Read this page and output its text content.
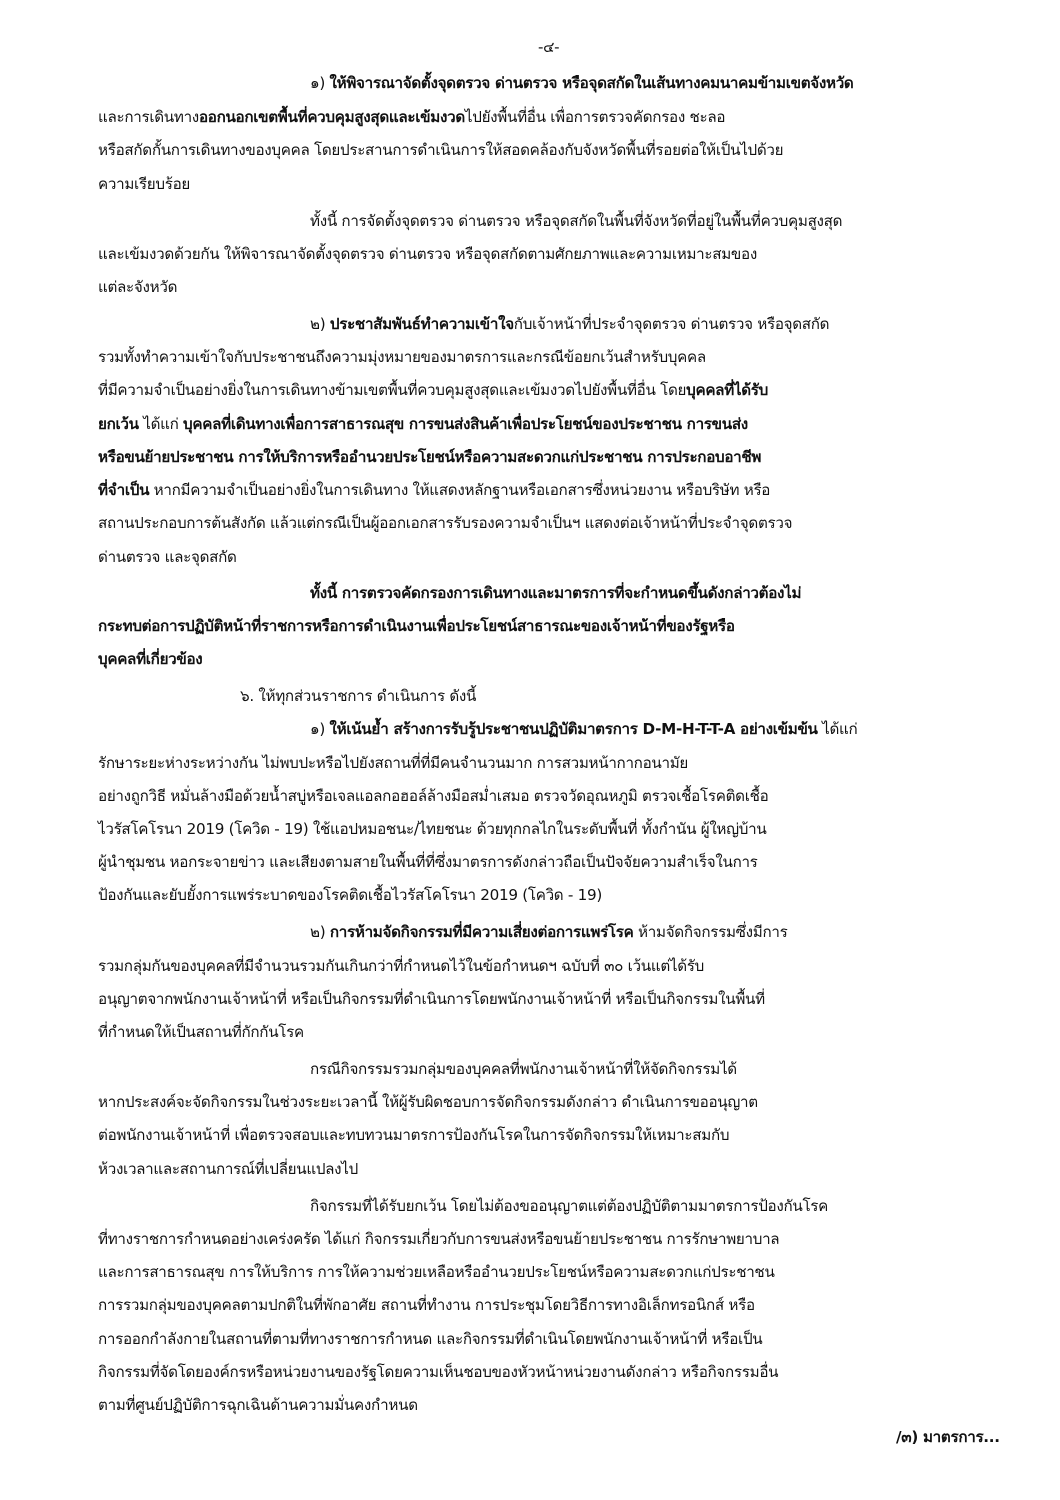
-๔-
๑) ให้พิจารณาจัดตั้งจุดตรวจ ด่านตรวจ หรือจุดสกัดในเส้นทางคมนาคมข้ามเขตจังหวัด
และการเดินทางออกนอกเขตพื้นที่ควบคุมสูงสุดและเข้มงวดไปยังพื้นที่อื่น เพื่อการตรวจคัดกรอง ชะลอ
หรือสกัดกั้นการเดินทางของบุคคล โดยประสานการดำเนินการให้สอดคล้องกับจังหวัดพื้นที่รอยต่อให้เป็นไปด้วย
ความเรียบร้อย
ทั้งนี้ การจัดตั้งจุดตรวจ ด่านตรวจ หรือจุดสกัดในพื้นที่จังหวัดที่อยู่ในพื้นที่ควบคุมสูงสุด
และเข้มงวดด้วยกัน ให้พิจารณาจัดตั้งจุดตรวจ ด่านตรวจ หรือจุดสกัดตามศักยภาพและความเหมาะสมของ
แต่ละจังหวัด
๒) ประชาสัมพันธ์ทำความเข้าใจกับเจ้าหน้าที่ประจำจุดตรวจ ด่านตรวจ หรือจุดสกัด
รวมทั้งทำความเข้าใจกับประชาชนถึงความมุ่งหมายของมาตรการและกรณีข้อยกเว้นสำหรับบุคคล
ที่มีความจำเป็นอย่างยิ่งในการเดินทางข้ามเขตพื้นที่ควบคุมสูงสุดและเข้มงวดไปยังพื้นที่อื่น โดยบุคคลที่ได้รับ
ยกเว้น ได้แก่ บุคคลที่เดินทางเพื่อการสาธารณสุข การขนส่งสินค้าเพื่อประโยชน์ของประชาชน การขนส่ง
หรือขนย้ายประชาชน การให้บริการหรืออำนวยประโยชน์หรือความสะดวกแก่ประชาชน การประกอบอาชีพ
ที่จำเป็น หากมีความจำเป็นอย่างยิ่งในการเดินทาง ให้แสดงหลักฐานหรือเอกสารซึ่งหน่วยงาน หรือบริษัท หรือ
สถานประกอบการต้นสังกัด แล้วแต่กรณีเป็นผู้ออกเอกสารรับรองความจำเป็นฯ แสดงต่อเจ้าหน้าที่ประจำจุดตรวจ
ด่านตรวจ และจุดสกัด
ทั้งนี้ การตรวจคัดกรองการเดินทางและมาตรการที่จะกำหนดขึ้นดังกล่าวต้องไม่
กระทบต่อการปฏิบัติหน้าที่ราชการหรือการดำเนินงานเพื่อประโยชน์สาธารณะของเจ้าหน้าที่ของรัฐหรือ
บุคคลที่เกี่ยวข้อง
๖. ให้ทุกส่วนราชการ ดำเนินการ ดังนี้
๑) ให้เน้นย้ำ สร้างการรับรู้ประชาชนปฏิบัติมาตรการ D-M-H-T-T-A อย่างเข้มข้น ได้แก่
รักษาระยะห่างระหว่างกัน ไม่พบปะหรือไปยังสถานที่ที่มีคนจำนวนมาก การสวมหน้ากากอนามัย
อย่างถูกวิธี หมั่นล้างมือด้วยน้ำสบู่หรือเจลแอลกอฮอล์ล้างมือสม่ำเสมอ ตรวจวัดอุณหภูมิ ตรวจเชื้อโรคติดเชื้อ
ไวรัสโคโรนา 2019 (โควิด - 19) ใช้แอปหมอชนะ/ไทยชนะ ด้วยทุกกลไกในระดับพื้นที่ ทั้งกำนัน ผู้ใหญ่บ้าน
ผู้นำชุมชน หอกระจายข่าว และเสียงตามสายในพื้นที่ที่ซึ่งมาตรการดังกล่าวถือเป็นปัจจัยความสำเร็จในการ
ป้องกันและยับยั้งการแพร่ระบาดของโรคติดเชื้อไวรัสโคโรนา 2019 (โควิด - 19)
๒) การห้ามจัดกิจกรรมที่มีความเสี่ยงต่อการแพร่โรค ห้ามจัดกิจกรรมซึ่งมีการ
รวมกลุ่มกันของบุคคลที่มีจำนวนรวมกันเกินกว่าที่กำหนดไว้ในข้อกำหนดฯ ฉบับที่ ๓๐ เว้นแต่ได้รับ
อนุญาตจากพนักงานเจ้าหน้าที่ หรือเป็นกิจกรรมที่ดำเนินการโดยพนักงานเจ้าหน้าที่ หรือเป็นกิจกรรมในพื้นที่
ที่กำหนดให้เป็นสถานที่กักกันโรค
กรณีกิจกรรมรวมกลุ่มของบุคคลที่พนักงานเจ้าหน้าที่ให้จัดกิจกรรมได้
หากประสงค์จะจัดกิจกรรมในช่วงระยะเวลานี้ ให้ผู้รับผิดชอบการจัดกิจกรรมดังกล่าว ดำเนินการขออนุญาต
ต่อพนักงานเจ้าหน้าที่ เพื่อตรวจสอบและทบทวนมาตรการป้องกันโรคในการจัดกิจกรรมให้เหมาะสมกับ
ห้วงเวลาและสถานการณ์ที่เปลี่ยนแปลงไป
กิจกรรมที่ได้รับยกเว้น โดยไม่ต้องขออนุญาตแต่ต้องปฏิบัติตามมาตรการป้องกันโรค
ที่ทางราชการกำหนดอย่างเคร่งครัด ได้แก่ กิจกรรมเกี่ยวกับการขนส่งหรือขนย้ายประชาชน การรักษาพยาบาล
และการสาธารณสุข การให้บริการ การให้ความช่วยเหลือหรืออำนวยประโยชน์หรือความสะดวกแก่ประชาชน
การรวมกลุ่มของบุคคลตามปกติในที่พักอาศัย สถานที่ทำงาน การประชุมโดยวิธีการทางอิเล็กทรอนิกส์ หรือ
การออกกำลังกายในสถานที่ตามที่ทางราชการกำหนด และกิจกรรมที่ดำเนินโดยพนักงานเจ้าหน้าที่ หรือเป็น
กิจกรรมที่จัดโดยองค์กรหรือหน่วยงานของรัฐโดยความเห็นชอบของหัวหน้าหน่วยงานดังกล่าว หรือกิจกรรมอื่น
ตามที่ศูนย์ปฏิบัติการฉุกเฉินด้านความมั่นคงกำหนด
/๓) มาตรการ...
